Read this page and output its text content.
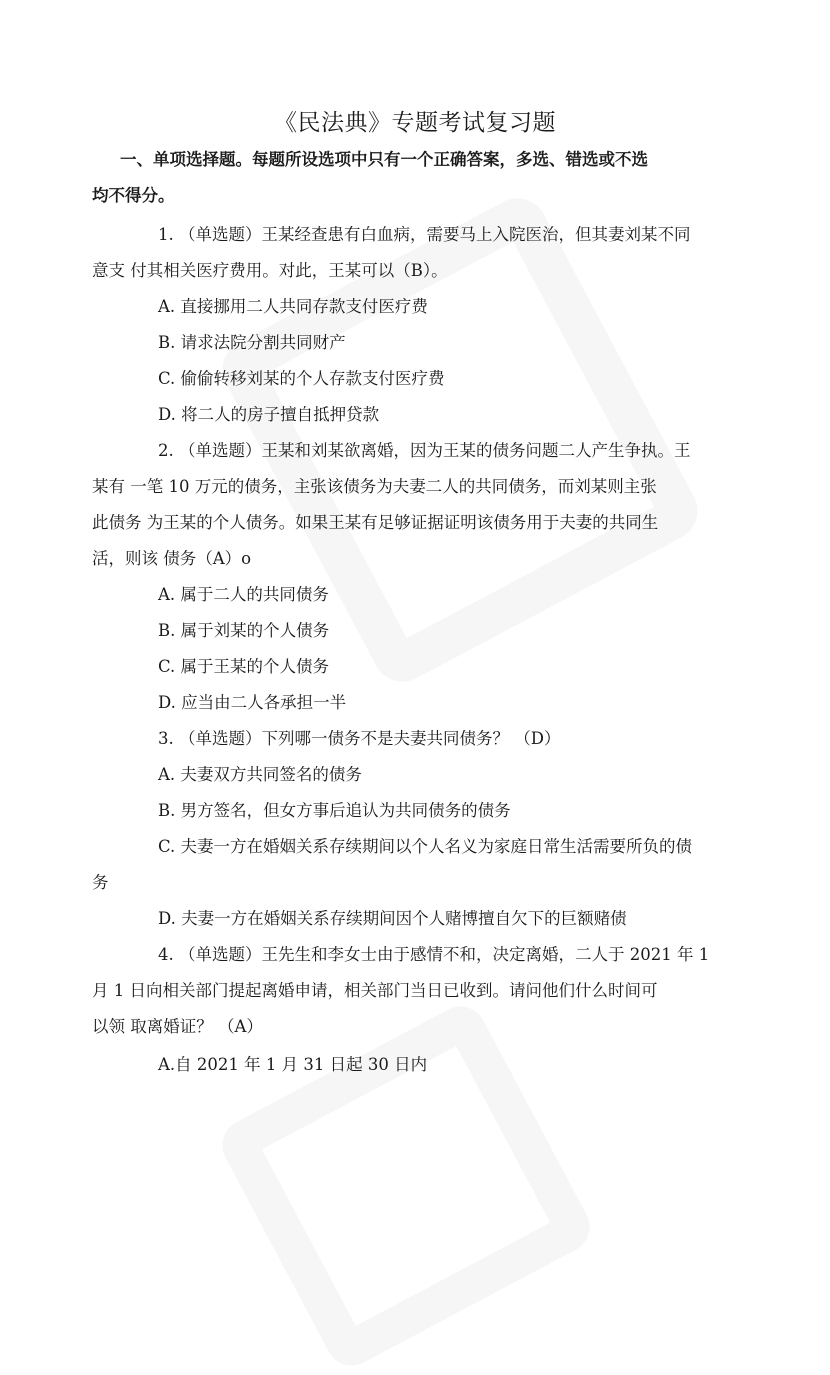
《民法典》专题考试复习题
一、单项选择题。每题所设选项中只有一个正确答案，多选、错选或不选
均不得分。
1. （单选题）王某经查患有白血病，需要马上入院医治，但其妻刘某不同
意支 付其相关医疗费用。对此，王某可以（B）。
A. 直接挪用二人共同存款支付医疗费
B. 请求法院分割共同财产
C. 偷偷转移刘某的个人存款支付医疗费
D. 将二人的房子擅自抵押贷款
2. （单选题）王某和刘某欲离婚，因为王某的债务问题二人产生争执。王
某有 一笔 10 万元的债务，主张该债务为夫妻二人的共同债务，而刘某则主张
此债务 为王某的个人债务。如果王某有足够证据证明该债务用于夫妻的共同生
活，则该 债务（A）o
A. 属于二人的共同债务
B. 属于刘某的个人债务
C. 属于王某的个人债务
D. 应当由二人各承担一半
3. （单选题）下列哪一债务不是夫妻共同债务？ （D）
A. 夫妻双方共同签名的债务
B. 男方签名，但女方事后追认为共同债务的债务
C. 夫妻一方在婚姻关系存续期间以个人名义为家庭日常生活需要所负的债
务
D. 夫妻一方在婚姻关系存续期间因个人赌博擅自欠下的巨额赌债
4. （单选题）王先生和李女士由于感情不和，决定离婚，二人于 2021 年 1
月 1 日向相关部门提起离婚申请，相关部门当日已收到。请问他们什么时间可
以领 取离婚证？ （A）
A.自 2021 年 1 月 31 日起 30 日内
